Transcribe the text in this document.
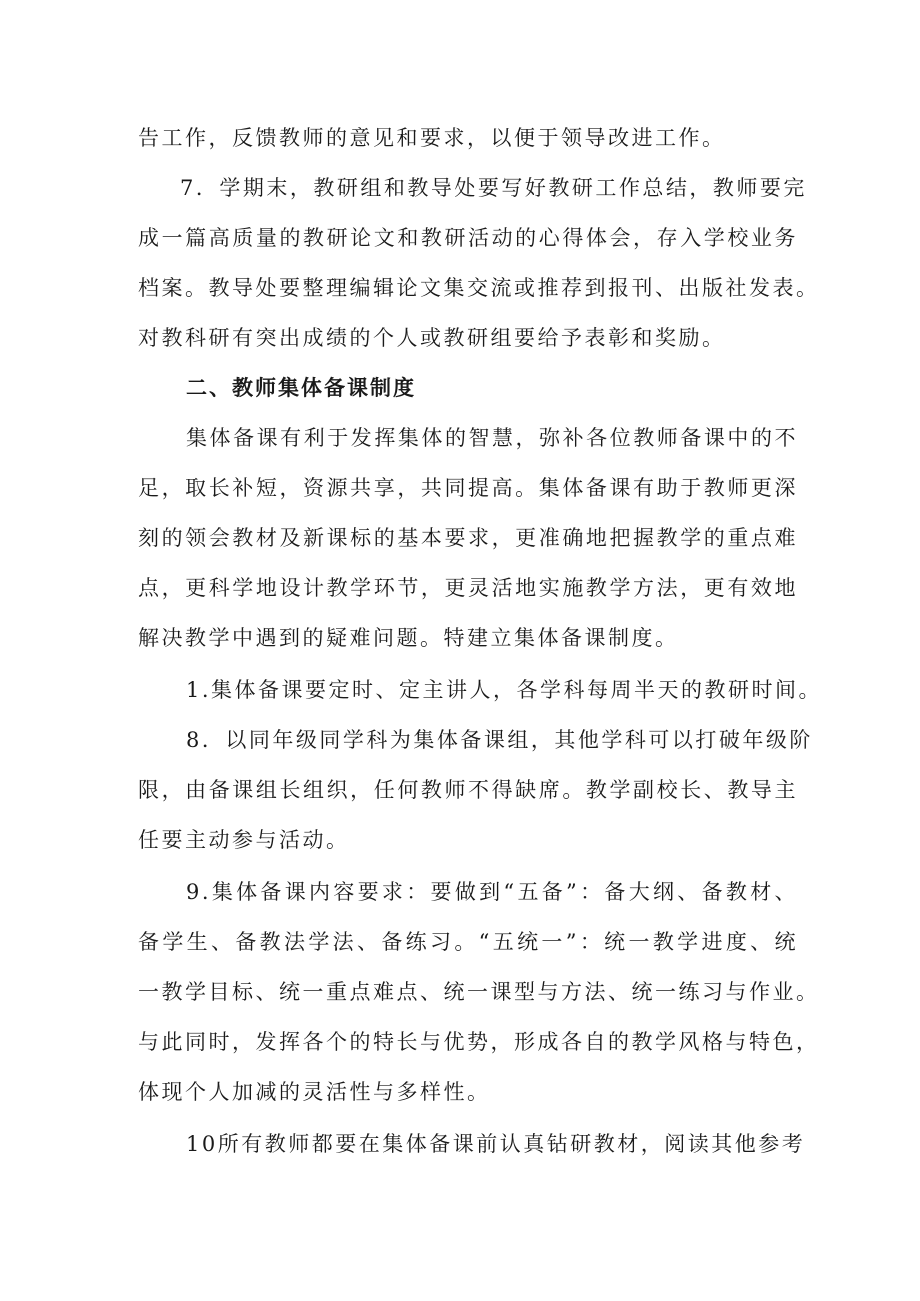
告工作，反馈教师的意见和要求，以便于领导改进工作。
7．学期末，教研组和教导处要写好教研工作总结，教师要完
成一篇高质量的教研论文和教研活动的心得体会，存入学校业务
档案。教导处要整理编辑论文集交流或推荐到报刊、出版社发表。
对教科研有突出成绩的个人或教研组要给予表彰和奖励。
二、教师集体备课制度
集体备课有利于发挥集体的智慧，弥补各位教师备课中的不
足，取长补短，资源共享，共同提高。集体备课有助于教师更深
刻的领会教材及新课标的基本要求，更准确地把握教学的重点难
点，更科学地设计教学环节，更灵活地实施教学方法，更有效地
解决教学中遇到的疑难问题。特建立集体备课制度。
1.集体备课要定时、定主讲人，各学科每周半天的教研时间。
8．以同年级同学科为集体备课组，其他学科可以打破年级阶
限，由备课组长组织，任何教师不得缺席。教学副校长、教导主
任要主动参与活动。
9.集体备课内容要求：要做到“五备”：备大纲、备教材、
备学生、备教法学法、备练习。“五统一”：统一教学进度、统
一教学目标、统一重点难点、统一课型与方法、统一练习与作业。
与此同时，发挥各个的特长与优势，形成各自的教学风格与特色，
体现个人加减的灵活性与多样性。
10所有教师都要在集体备课前认真钻研教材，阅读其他参考
